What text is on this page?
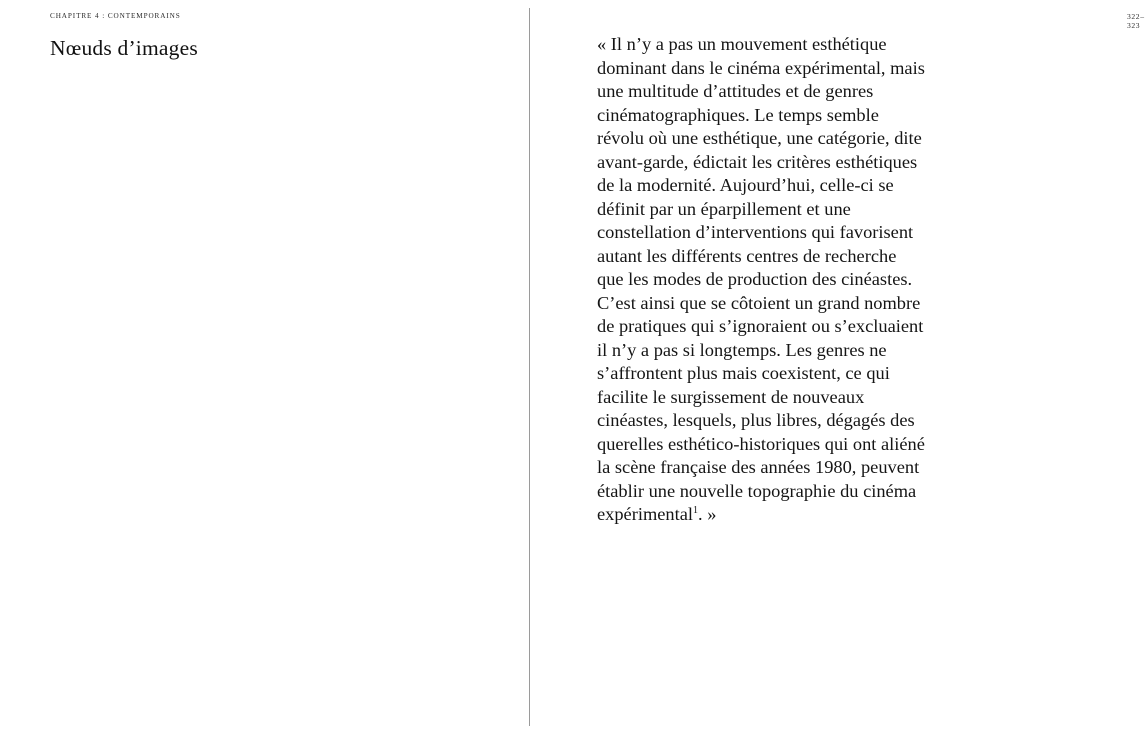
CHAPITRE 4 : CONTEMPORAINS
Nœuds d’images
322–323

« Il n’y a pas un mouvement esthétique dominant dans le cinéma expérimental, mais une multitude d’attitudes et de genres cinématographiques. Le temps semble révolu où une esthétique, une catégorie, dite avant-garde, édictait les critères esthétiques de la modernité. Aujourd’hui, celle-ci se définit par un éparpillement et une constellation d’interventions qui favorisent autant les différents centres de recherche que les modes de production des cinéastes. C’est ainsi que se côtoient un grand nombre de pratiques qui s’ignoraient ou s’excluaient il n’y a pas si longtemps. Les genres ne s’affrontent plus mais coexistent, ce qui facilite le surgissement de nouveaux cinéastes, lesquels, plus libres, dégagés des querelles esthético-historiques qui ont aliéné la scène française des années 1980, peuvent établir une nouvelle topographie du cinéma expérimental$^1$. »
